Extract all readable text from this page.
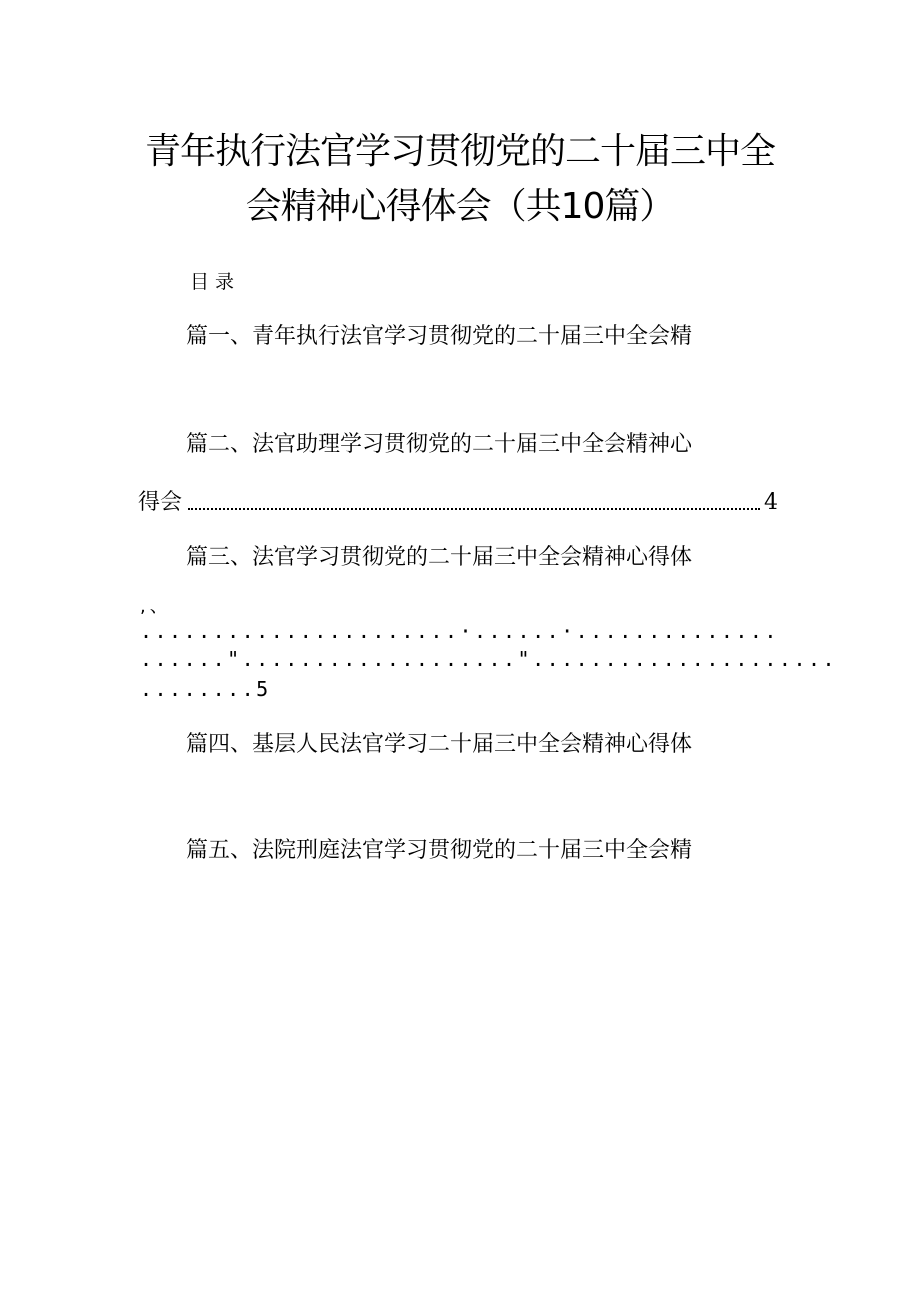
青年执行法官学习贯彻党的二十届三中全
会精神心得体会（共10篇）
目录
篇一、青年执行法官学习贯彻党的二十届三中全会精
篇二、法官助理学习贯彻党的二十届三中全会精神心
得会	4
篇三、法官学习贯彻党的二十届三中全会精神心得体
,、
......................·......·..............
......"...................".....................
........5
篇四、基层人民法官学习二十届三中全会精神心得体
篇五、法院刑庭法官学习贯彻党的二十届三中全会精
